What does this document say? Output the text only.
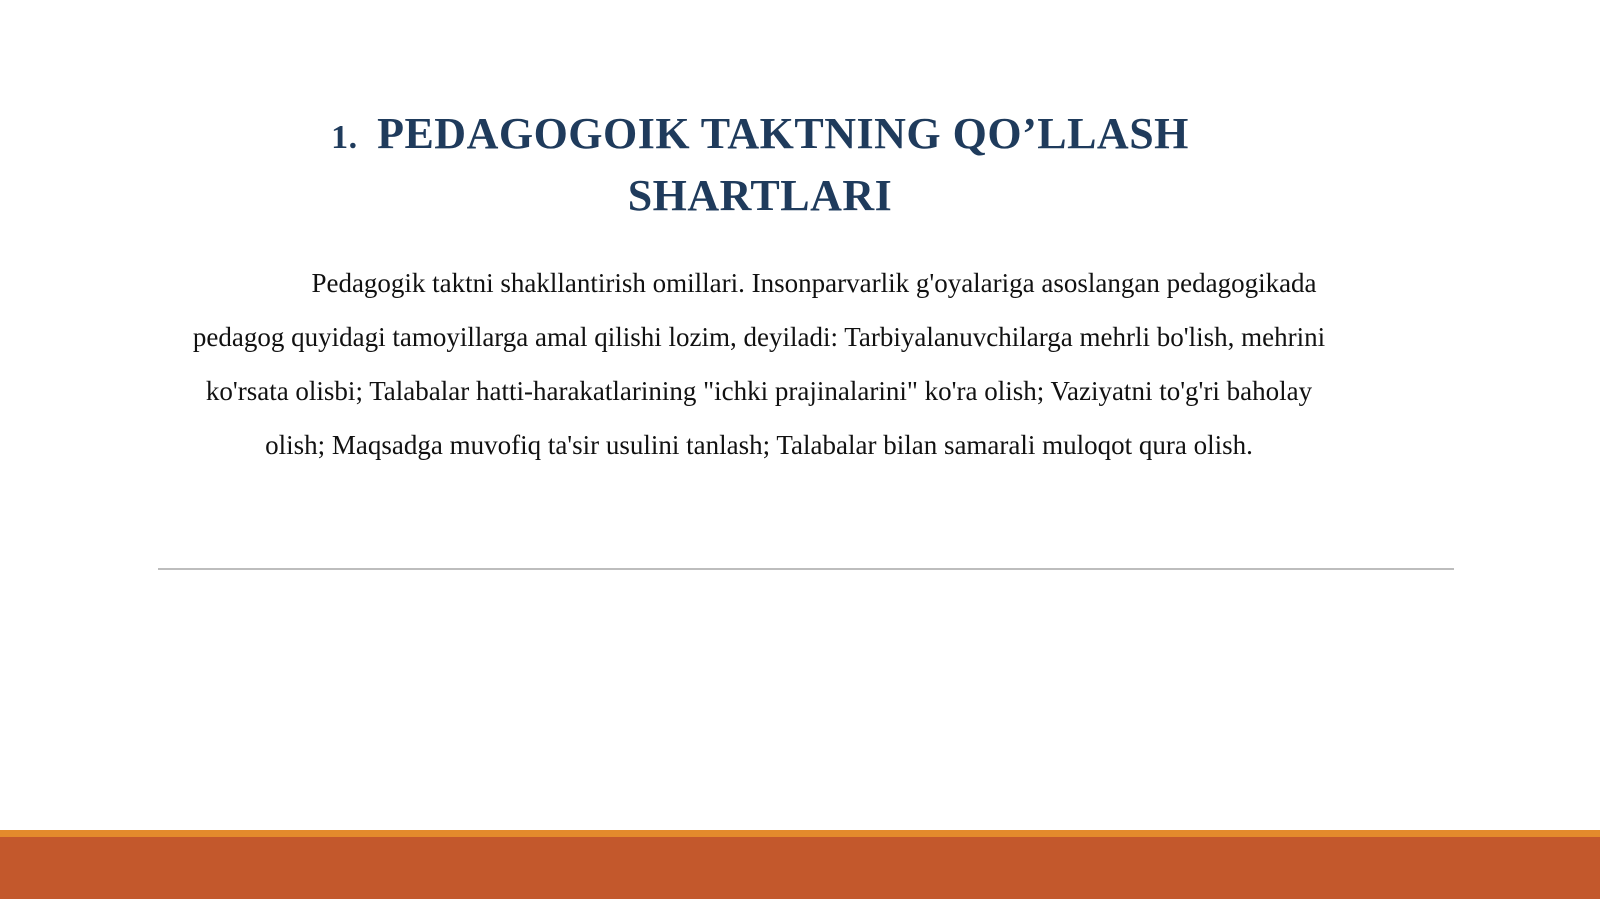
1. PEDAGOGOIK TAKTNING QO’LLASH
SHARTLARI
Pedagogik taktni shakllantirish omillari. Insonparvarlik g'oyalariga asoslangan pedagogikada pedagog quyidagi tamoyillarga amal qilishi lozim, deyiladi: Tarbiyalanuvchilarga mehrli bo'lish, mehrini ko'rsata olisbi; Talabalar hatti-harakatlarining "ichki prajinalarini" ko'ra olish; Vaziyatni to'g'ri baholay olish; Maqsadga muvofiq ta'sir usulini tanlash; Talabalar bilan samarali muloqot qura olish.
